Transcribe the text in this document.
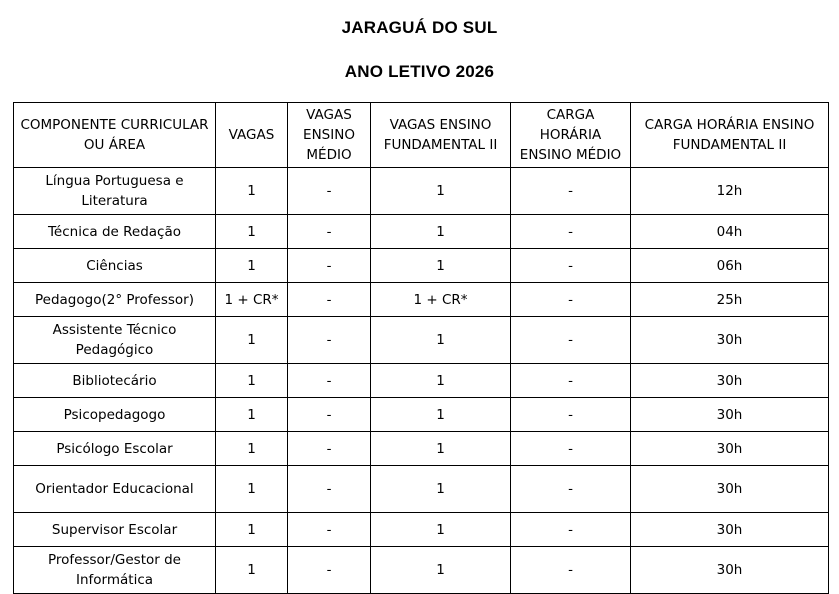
JARAGUÁ DO SUL
ANO LETIVO 2026
COMPONENTE CURRICULAR OU ÁREA	VAGAS	VAGAS ENSINO MÉDIO	VAGAS ENSINO FUNDAMENTAL II	CARGA HORÁRIA ENSINO MÉDIO	CARGA HORÁRIA ENSINO FUNDAMENTAL II
Língua Portuguesa e Literatura	1	-	1	-	12h
Técnica de Redação	1	-	1	-	04h
Ciências	1	-	1	-	06h
Pedagogo(2° Professor)	1 + CR*	-	1 + CR*	-	25h
Assistente Técnico Pedagógico	1	-	1	-	30h
Bibliotecário	1	-	1	-	30h
Psicopedagogo	1	-	1	-	30h
Psicólogo Escolar	1	-	1	-	30h
Orientador Educacional	1	-	1	-	30h
Supervisor Escolar	1	-	1	-	30h
Professor/Gestor de Informática	1	-	1	-	30h
